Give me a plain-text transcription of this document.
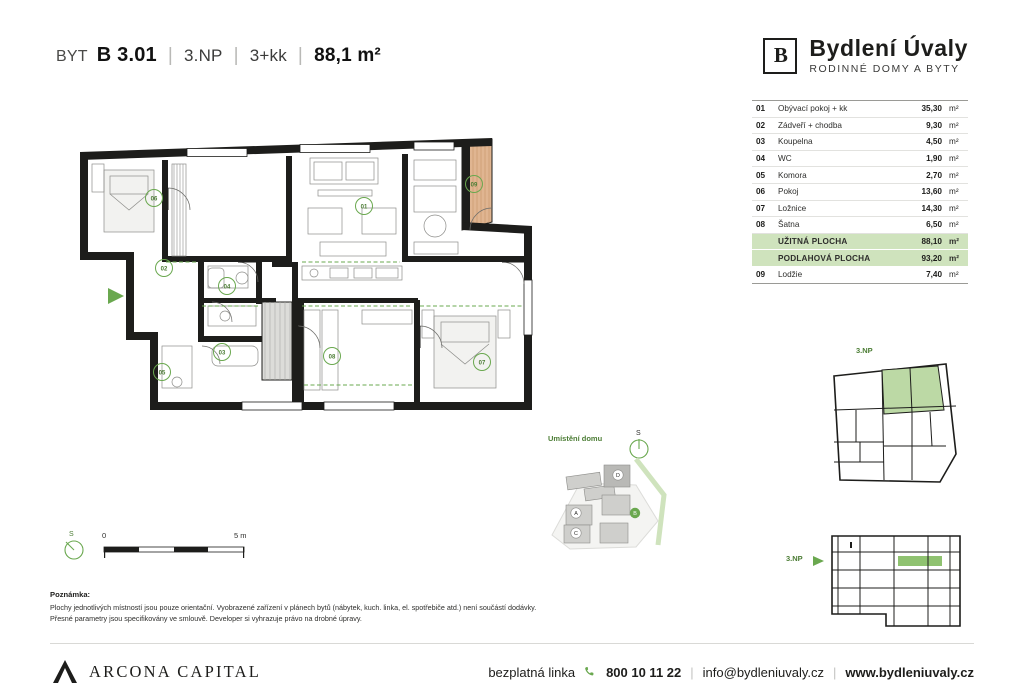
BYT B 3.01 | 3.NP | 3+kk | 88,1 m²	B Bydlení Úvaly
RODINNÉ DOMY A BYTY
01	Obývací pokoj + kk	35,30	m²
02	Zádveří + chodba	9,30	m²
03	Koupelna	4,50	m²
04	WC	1,90	m²
05	Komora	2,70	m²
06	Pokoj	13,60	m²
07	Ložnice	14,30	m²
08	Šatna	6,50	m²
	UŽITNÁ PLOCHA	88,10	m²
	PODLAHOVÁ PLOCHA	93,20	m²
09	Lodžie	7,40	m²
06
02
04
03
05
01
09
08
07
S	0	5 m
Umístění domu
S
D
B
C
A
3.NP
3.NP
Poznámka:
Plochy jednotlivých místností jsou pouze orientační. Vyobrazené zařízení v plánech bytů (nábytek, kuch. linka, el. spotřebiče atd.) není součástí dodávky.
Přesné parametry jsou specifikovány ve smlouvě. Developer si vyhrazuje právo na drobné úpravy.
ARCONA CAPITAL	bezplatná linka 800 10 11 22 | info@bydleniuvaly.cz | www.bydleniuvaly.cz
